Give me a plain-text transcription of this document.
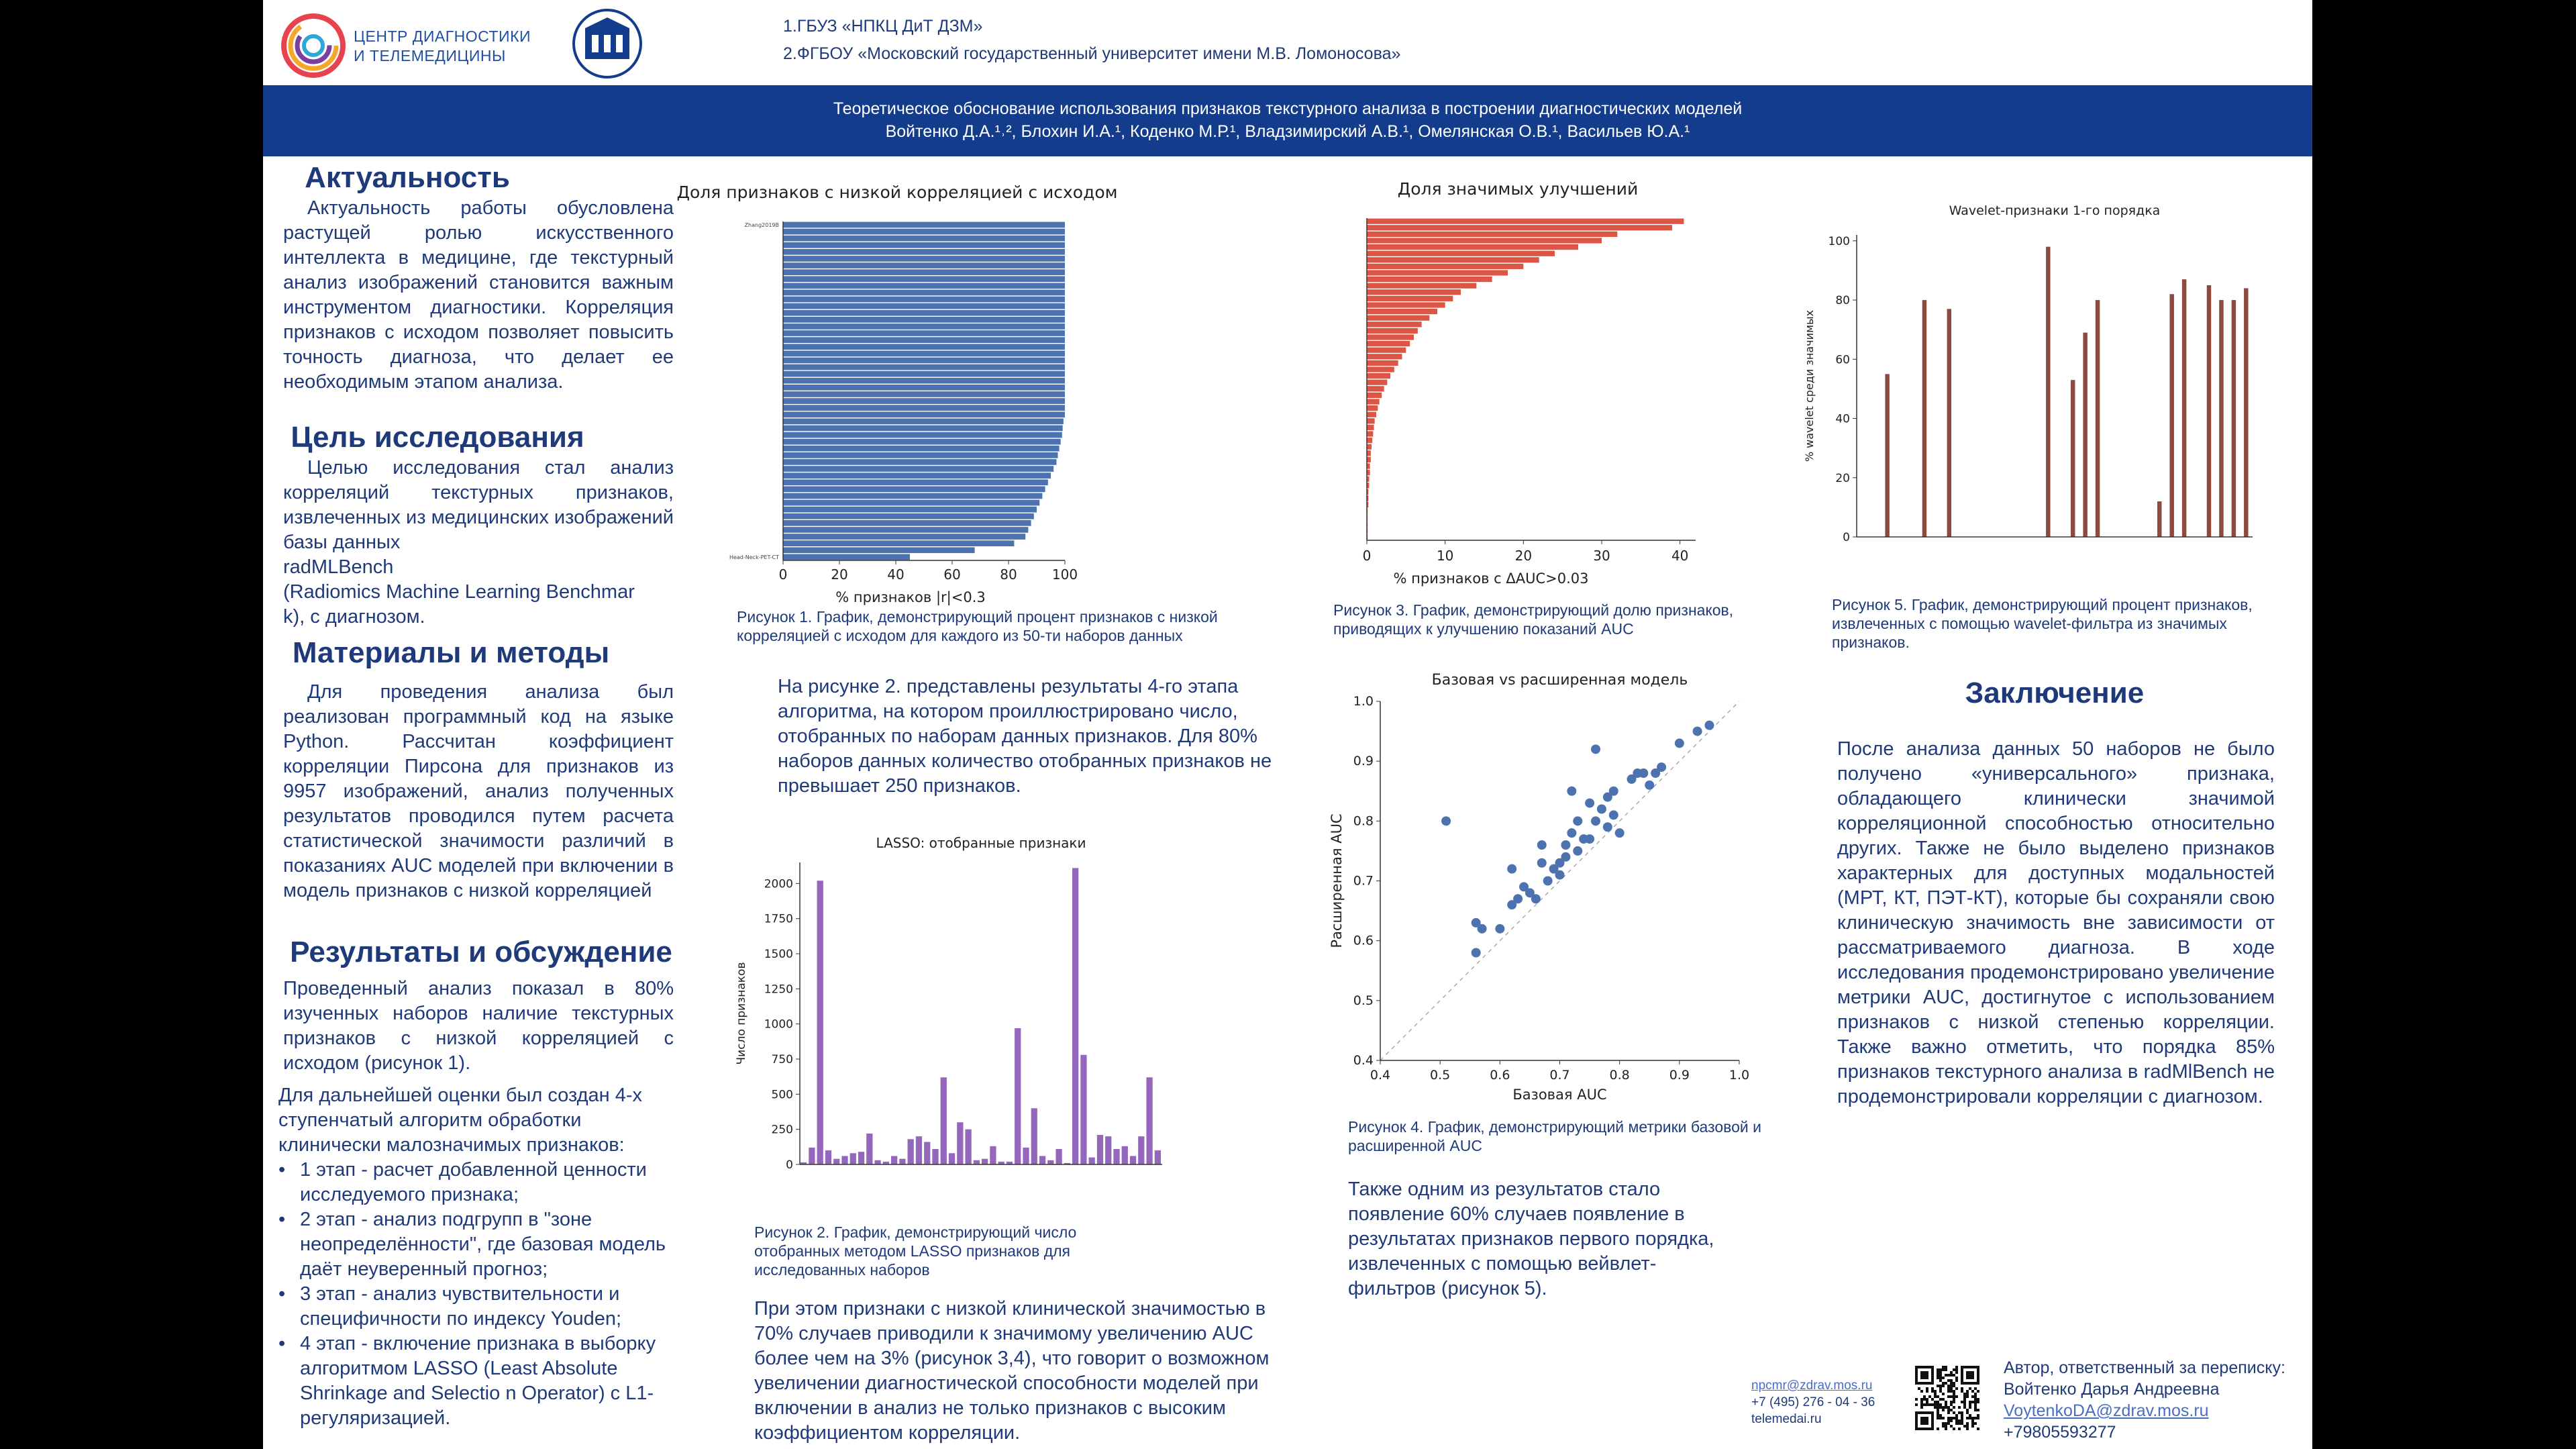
ЦЕНТР ДИАГНОСТИКИ
И ТЕЛЕМЕДИЦИНЫ
1.ГБУЗ «НПКЦ ДиТ ДЗМ»
2.ФГБОУ «Московский государственный университет имени М.В. Ломоносова»
Теоретическое обоснование использования признаков текстурного анализа в построении диагностических моделей
Войтенко Д.А.¹˒², Блохин И.А.¹, Коденко М.Р.¹, Владзимирский А.В.¹, Омелянская О.В.¹, Васильев Ю.А.¹
Актуальность
Актуальность работы обусловлена растущей ролью искусственного интеллекта в медицине, где текстурный анализ изображений становится важным инструментом диагностики. Корреляция признаков с исходом позволяет повысить точность диагноза, что делает ее необходимым этапом анализа.
Цель исследования
Целью исследования стал анализ корреляций текстурных признаков, извлеченных из медицинских изображений базы данных
radMLBench
(Radiomics Machine Learning Benchmar
k), с диагнозом.
Материалы и методы
Для проведения анализа был реализован программный код на языке Python. Рассчитан коэффициент корреляции Пирсона для признаков из 9957 изображений, анализ полученных результатов проводился путем расчета статистической значимости различий в показаниях AUC моделей при включении в модель признаков с низкой корреляцией
Результаты и обсуждение
Проведенный анализ показал в 80% изученных наборов наличие текстурных признаков с низкой корреляцией с исходом (рисунок 1).
Для дальнейшей оценки был создан 4-х ступенчатый алгоритм обработки клинически малозначимых признаков:
• 1 этап - расчет добавленной ценности исследуемого признака;
• 2 этап - анализ подгрупп в "зоне неопределённости", где базовая модель даёт неуверенный прогноз;
• 3 этап - анализ чувствительности и специфичности по индексу Youden;
• 4 этап - включение признака в выборку алгоритмом LASSO (Least Absolute Shrinkage and Selectio n Operator) с L1-регуляризацией.
Доля признаков с низкой корреляцией с исходом
0	20	40	60	80	100
% признаков |r|<0.3
Zhang2019B
Head-Neck-PET-CT
Рисунок 1. График, демонстрирующий процент признаков с низкой корреляцией с исходом для каждого из 50-ти наборов данных
На рисунке 2. представлены результаты 4-го этапа алгоритма, на котором проиллюстрировано число, отобранных по наборам данных признаков. Для 80% наборов данных количество отобранных признаков не превышает 250 признаков.
LASSO: отобранные признаки
0
250
500
750
1000
1250
1500
1750
2000
Число признаков
Рисунок 2. График, демонстрирующий число отобранных методом LASSO признаков для исследованных наборов
При этом признаки с низкой клинической значимостью в 70% случаев приводили к значимому увеличению AUC более чем на 3% (рисунок 3,4), что говорит о возможном увеличении диагностической способности моделей при включении в анализ не только признаков с высоким коэффициентом корреляции.
Доля значимых улучшений
0	10	20	30	40
% признаков с ΔAUC>0.03
Рисунок 3. График, демонстрирующий долю признаков, приводящих к улучшению показаний AUC
Базовая vs расширенная модель
0.4
0.4
0.5
0.5
0.6
0.6
0.7
0.7
0.8
0.8
0.9
0.9
1.0
1.0
Базовая AUC
Расширенная AUC
Рисунок 4. График, демонстрирующий метрики базовой и расширенной AUC
Также одним из результатов стало появление 60% случаев появление в результатах признаков первого порядка, извлеченных с помощью вейвлет-фильтров (рисунок 5).
Wavelet-признаки 1-го порядка
0
20
40
60
80
100
% wavelet среди значимых
Рисунок 5. График, демонстрирующий процент признаков, извлеченных с помощью wavelet-фильтра из значимых признаков.
Заключение
После анализа данных 50 наборов не было получено «универсального» признака, обладающего клинически значимой корреляционной способностью относительно других. Также не было выделено признаков характерных для доступных модальностей (МРТ, КТ, ПЭТ-КТ), которые бы сохраняли свою клиническую значимость вне зависимости от рассматриваемого диагноза. В ходе исследования продемонстрировано увеличение метрики AUC, достигнутое с использованием признаков с низкой степенью корреляции. Также важно отметить, что порядка 85% признаков текстурного анализа в radMlBench не продемонстрировали корреляции с диагнозом.
npcmr@zdrav.mos.ru
+7 (495) 276 - 04 - 36
telemedai.ru
Автор, ответственный за переписку:
Войтенко Дарья Андреевна
VoytenkoDA@zdrav.mos.ru
+79805593277
